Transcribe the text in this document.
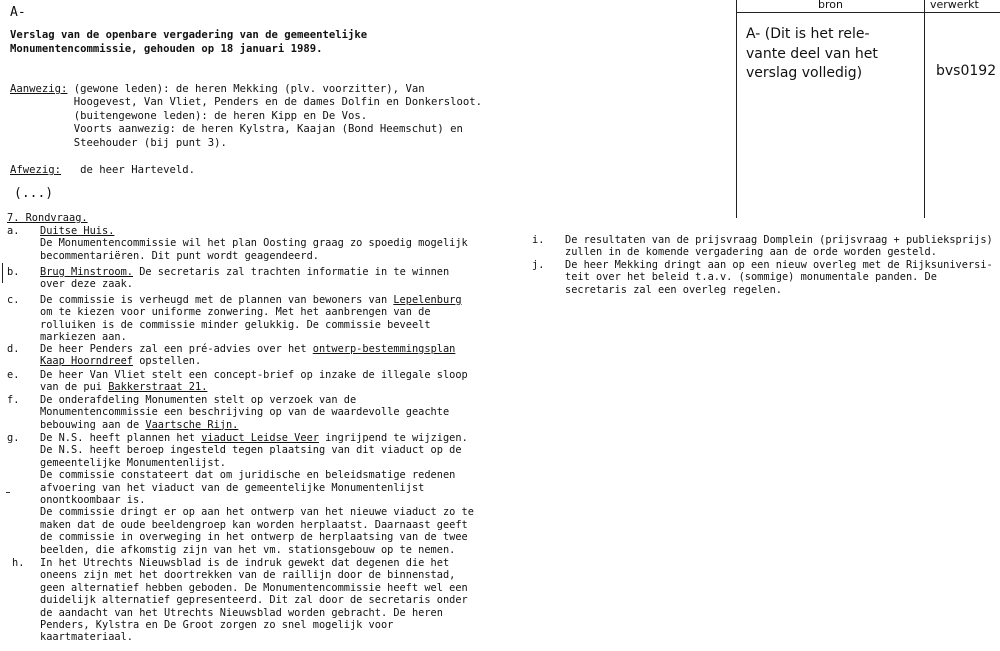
A-
Verslag van de openbare vergadering van de gemeentelijke
Monumentencommissie, gehouden op 18 januari 1989.
Aanwezig: (gewone leden): de heren Mekking (plv. voorzitter), Van
Hoogevest, Van Vliet, Penders en de dames Dolfin en Donkersloot.
(buitengewone leden): de heren Kipp en De Vos.
Voorts aanwezig: de heren Kylstra, Kaajan (Bond Heemschut) en
Steehouder (bij punt 3).
Afwezig:   de heer Harteveld.
(...)
7. Rondvraag.
a. Duitse Huis.
De Monumentencommissie wil het plan Oosting graag zo spoedig mogelijk
becommentariëren. Dit punt wordt geagendeerd.
b. Brug Minstroom. De secretaris zal trachten informatie in te winnen
over deze zaak.
c. De commissie is verheugd met de plannen van bewoners van Lepelenburg
om te kiezen voor uniforme zonwering. Met het aanbrengen van de
rolluiken is de commissie minder gelukkig. De commissie beveelt
markiezen aan.
d. De heer Penders zal een pré-advies over het ontwerp-bestemmingsplan
Kaap Hoorndreef opstellen.
e. De heer Van Vliet stelt een concept-brief op inzake de illegale sloop
van de pui Bakkerstraat 21.
f. De onderafdeling Monumenten stelt op verzoek van de
Monumentencommissie een beschrijving op van de waardevolle geachte
bebouwing aan de Vaartsche Rijn.
g. De N.S. heeft plannen het viaduct Leidse Veer ingrijpend te wijzigen.
De N.S. heeft beroep ingesteld tegen plaatsing van dit viaduct op de
gemeentelijke Monumentenlijst.
De commissie constateert dat om juridische en beleidsmatige redenen
afvoering van het viaduct van de gemeentelijke Monumentenlijst
onontkoombaar is.
De commissie dringt er op aan het ontwerp van het nieuwe viaduct zo te
maken dat de oude beeldengroep kan worden herplaatst. Daarnaast geeft
de commissie in overweging in het ontwerp de herplaatsing van de twee
beelden, die afkomstig zijn van het vm. stationsgebouw op te nemen.
h. In het Utrechts Nieuwsblad is de indruk gewekt dat degenen die het
oneens zijn met het doortrekken van de raillijn door de binnenstad,
geen alternatief hebben geboden. De Monumentencommissie heeft wel een
duidelijk alternatief gepresenteerd. Dit zal door de secretaris onder
de aandacht van het Utrechts Nieuwsblad worden gebracht. De heren
Penders, Kylstra en De Groot zorgen zo snel mogelijk voor
kaartmateriaal.
i. De resultaten van de prijsvraag Domplein (prijsvraag + publieksprijs)
zullen in de komende vergadering aan de orde worden gesteld.
j. De heer Mekking dringt aan op een nieuw overleg met de Rijksuniversi-
teit over het beleid t.a.v. (sommige) monumentale panden. De
secretaris zal een overleg regelen.
bron	verwerkt
A- (Dit is het rele-
vante deel van het
verslag volledig)	bvs0192
